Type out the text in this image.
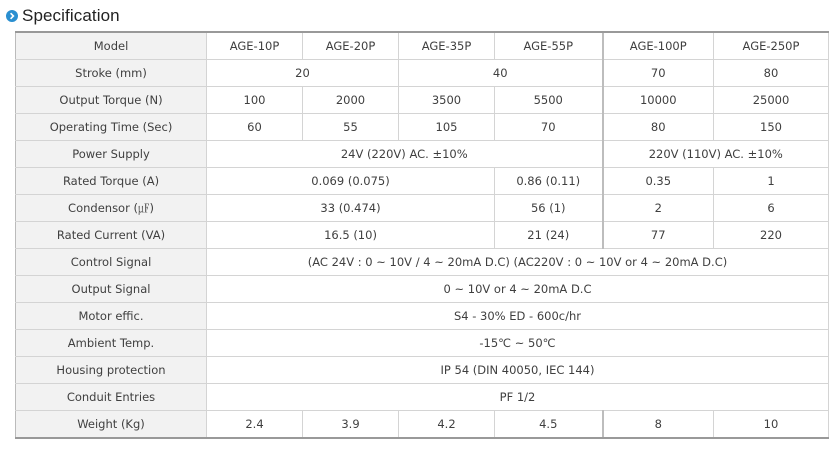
Specification
Model	AGE-10P	AGE-20P	AGE-35P	AGE-55P	AGE-100P	AGE-250P
Stroke (mm)	20		40		70	80
Output Torque (N)	100	2000	3500	5500	10000	25000
Operating Time (Sec)	60	55	105	70	80	150
Power Supply	24V (220V) AC. ±10%				220V (110V) AC. ±10%	
Rated Torque (A)	0.069 (0.075)			0.86 (0.11)	0.35	1
Condensor (㎌)	33 (0.474)			56 (1)	2	6
Rated Current (VA)	16.5 (10)			21 (24)	77	220
Control Signal	(AC 24V : 0 ~ 10V / 4 ~ 20mA D.C) (AC220V : 0 ~ 10V or 4 ~ 20mA D.C)					
Output Signal	0 ~ 10V or 4 ~ 20mA D.C					
Motor effic.	S4 - 30% ED - 600c/hr					
Ambient Temp.	-15℃ ~ 50℃					
Housing protection	IP 54 (DIN 40050, IEC 144)					
Conduit Entries	PF 1/2					
Weight (Kg)	2.4	3.9	4.2	4.5	8	10
